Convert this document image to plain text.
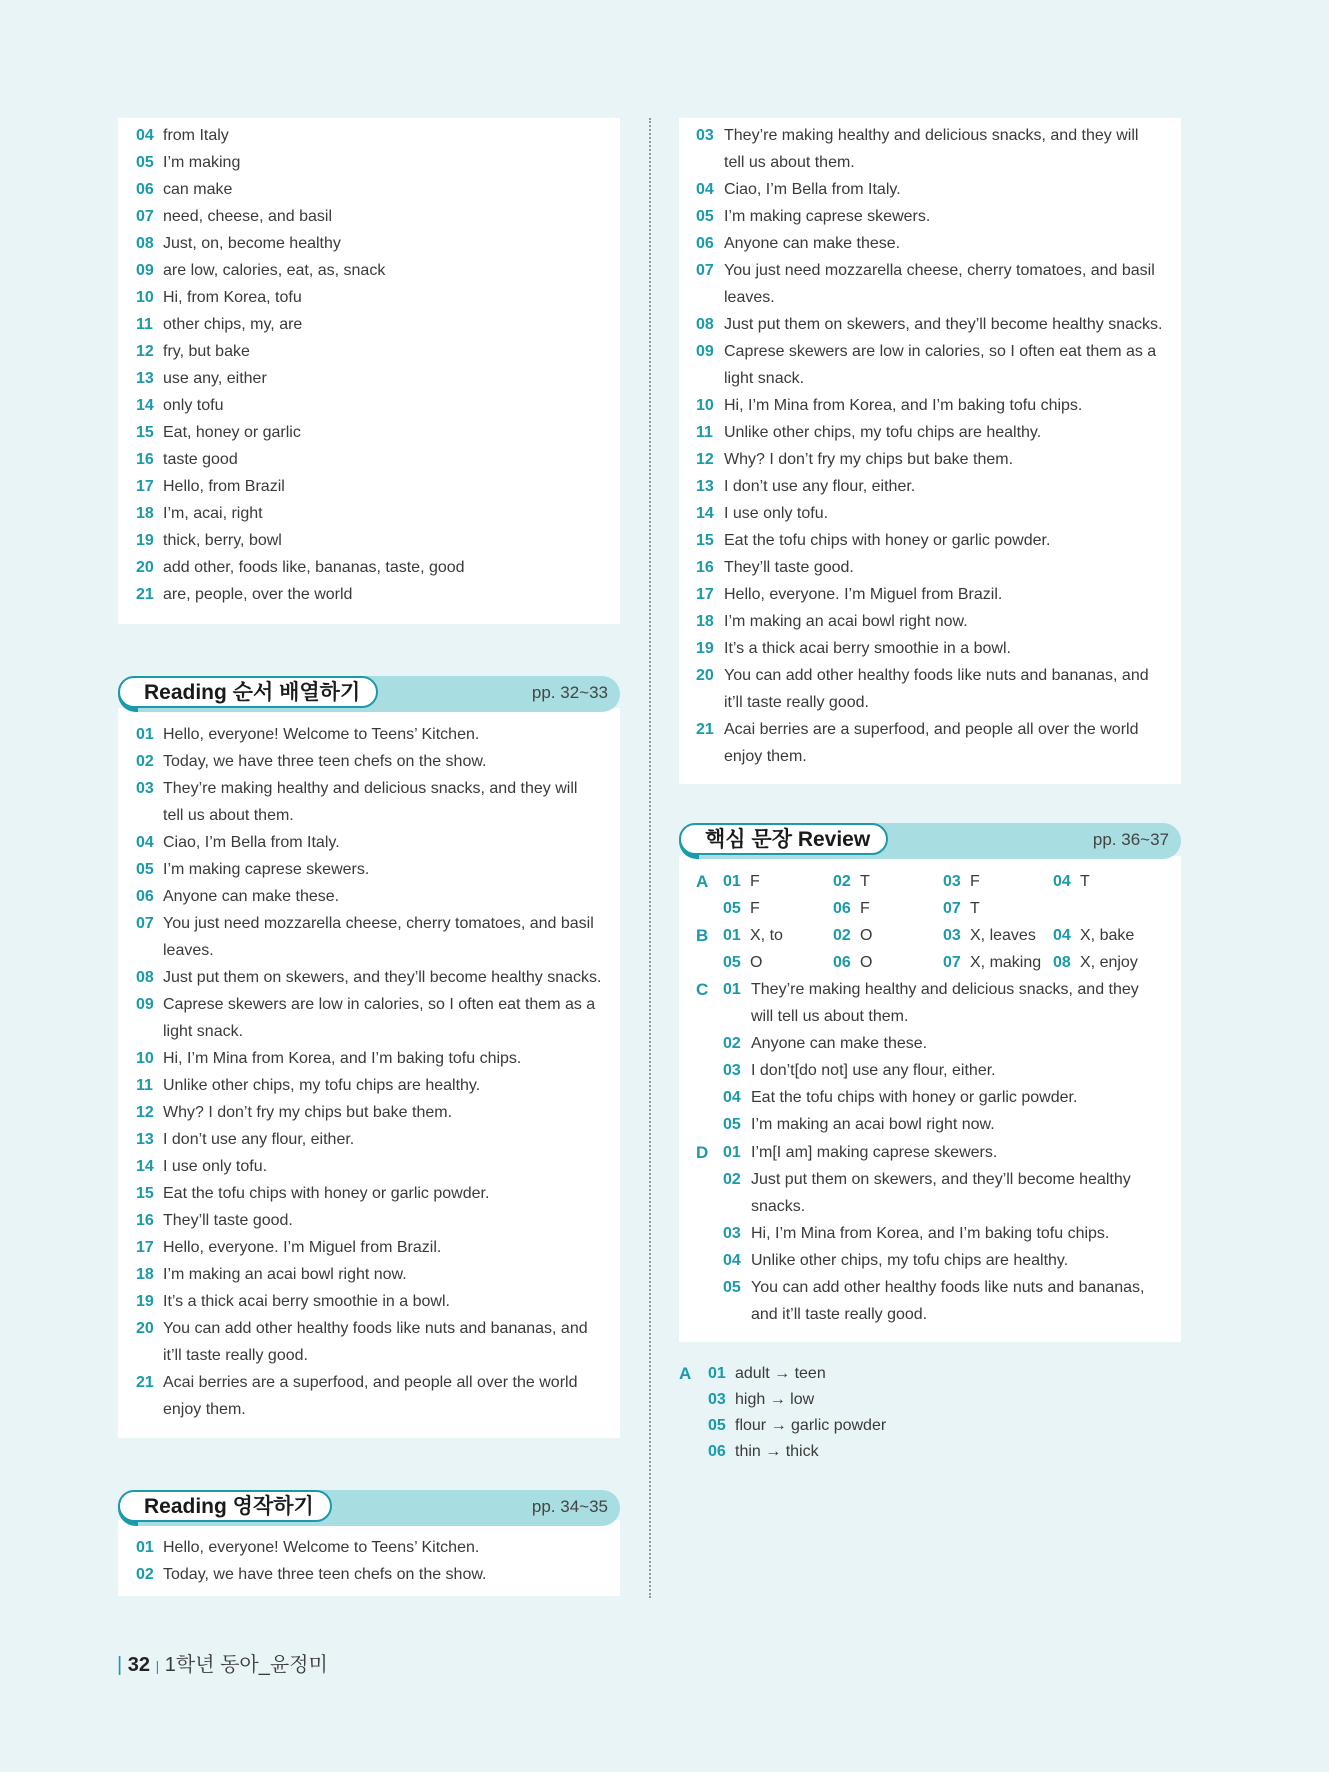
Reading 순서 배열하기	pp. 32~33
Reading 영작하기	pp. 34~35
핵심 문장 Review	pp. 36~37
04 from Italy
05 I’m making
06 can make
07 need, cheese, and basil
08 Just, on, become healthy
09 are low, calories, eat, as, snack
10 Hi, from Korea, tofu
11 other chips, my, are
12 fry, but bake
13 use any, either
14 only tofu
15 Eat, honey or garlic
16 taste good
17 Hello, from Brazil
18 I’m, acai, right
19 thick, berry, bowl
20 add other, foods like, bananas, taste, good
21 are, people, over the world
01 Hello, everyone! Welcome to Teens’ Kitchen.
02 Today, we have three teen chefs on the show.
03 They’re making healthy and delicious snacks, and they will
tell us about them.
04 Ciao, I’m Bella from Italy.
05 I’m making caprese skewers.
06 Anyone can make these.
07 You just need mozzarella cheese, cherry tomatoes, and basil
leaves.
08 Just put them on skewers, and they’ll become healthy snacks.
09 Caprese skewers are low in calories, so I often eat them as a
light snack.
10 Hi, I’m Mina from Korea, and I’m baking tofu chips.
11 Unlike other chips, my tofu chips are healthy.
12 Why? I don’t fry my chips but bake them.
13 I don’t use any flour, either.
14 I use only tofu.
15 Eat the tofu chips with honey or garlic powder.
16 They’ll taste good.
17 Hello, everyone. I’m Miguel from Brazil.
18 I’m making an acai bowl right now.
19 It’s a thick acai berry smoothie in a bowl.
20 You can add other healthy foods like nuts and bananas, and
it’ll taste really good.
21 Acai berries are a superfood, and people all over the world
enjoy them.
01 Hello, everyone! Welcome to Teens’ Kitchen.
02 Today, we have three teen chefs on the show.
03 They’re making healthy and delicious snacks, and they will
tell us about them.
04 Ciao, I’m Bella from Italy.
05 I’m making caprese skewers.
06 Anyone can make these.
07 You just need mozzarella cheese, cherry tomatoes, and basil
leaves.
08 Just put them on skewers, and they’ll become healthy snacks.
09 Caprese skewers are low in calories, so I often eat them as a
light snack.
10 Hi, I’m Mina from Korea, and I’m baking tofu chips.
11 Unlike other chips, my tofu chips are healthy.
12 Why? I don’t fry my chips but bake them.
13 I don’t use any flour, either.
14 I use only tofu.
15 Eat the tofu chips with honey or garlic powder.
16 They’ll taste good.
17 Hello, everyone. I’m Miguel from Brazil.
18 I’m making an acai bowl right now.
19 It’s a thick acai berry smoothie in a bowl.
20 You can add other healthy foods like nuts and bananas, and
it’ll taste really good.
21 Acai berries are a superfood, and people all over the world
enjoy them.
A
B
C
D
01 F	02 T	03 F	04 T
05 F	06 F	07 T
01 X, to	02 O	03 X, leaves 04 X, bake
05 O	06 O	07 X, making 08 X, enjoy
01 They’re making healthy and delicious snacks, and they
will tell us about them.
02 Anyone can make these.
03 I don’t[do not] use any flour, either.
04 Eat the tofu chips with honey or garlic powder.
05 I’m making an acai bowl right now.
01 I’m[I am] making caprese skewers.
02 Just put them on skewers, and they’ll become healthy
snacks.
03 Hi, I’m Mina from Korea, and I’m baking tofu chips.
04 Unlike other chips, my tofu chips are healthy.
05 You can add other healthy foods like nuts and bananas,
and it’ll taste really good.
A 01 adult → teen
03 high → low
05 flour → garlic powder
06 thin → thick
| 32 | 1학년 동아_윤정미
